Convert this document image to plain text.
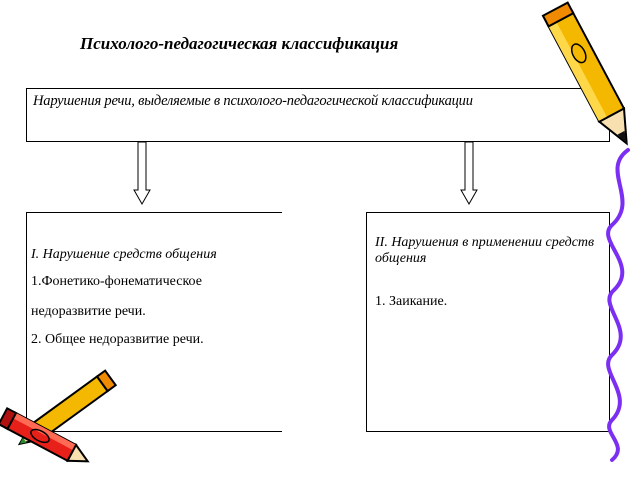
Психолого-педагогическая классификация
Нарушения речи, выделяемые в психолого-педагогической классификации
I. Нарушение средств общения
1.Фонетико-фонематическое
недоразвитие речи.
2. Общее недоразвитие речи.
II. Нарушения в применении средств общения
1. Заикание.
